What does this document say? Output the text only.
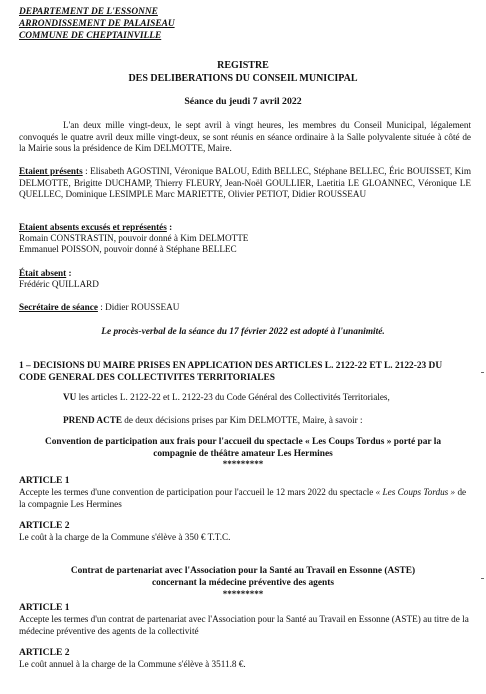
DEPARTEMENT DE L'ESSONNE
ARRONDISSEMENT DE PALAISEAU
COMMUNE DE CHEPTAINVILLE
REGISTRE
DES DELIBERATIONS DU CONSEIL MUNICIPAL
Séance du jeudi 7 avril 2022
L'an deux mille vingt-deux, le sept avril à vingt heures, les membres du Conseil Municipal, légalement convoqués le quatre avril deux mille vingt-deux, se sont réunis en séance ordinaire à la Salle polyvalente située à côté de la Mairie sous la présidence de Kim DELMOTTE, Maire.
Etaient présents : Elisabeth AGOSTINI, Véronique BALOU, Edith BELLEC, Stéphane BELLEC, Éric BOUISSET, Kim DELMOTTE, Brigitte DUCHAMP, Thierry FLEURY, Jean-Noël GOULLIER, Laetitia LE GLOANNEC, Véronique LE QUELLEC, Dominique LESIMPLE Marc MARIETTE, Olivier PETIOT, Didier ROUSSEAU
Etaient absents excusés et représentés :
Romain CONSTRASTIN, pouvoir donné à Kim DELMOTTE
Emmanuel POISSON, pouvoir donné à Stéphane BELLEC
Était absent :
Frédéric QUILLARD
Secrétaire de séance : Didier ROUSSEAU
Le procès-verbal de la séance du 17 février 2022 est adopté à l'unanimité.
1 – DECISIONS DU MAIRE PRISES EN APPLICATION DES ARTICLES L. 2122-22 ET L. 2122-23 DU CODE GENERAL DES COLLECTIVITES TERRITORIALES
VU les articles L. 2122-22 et L. 2122-23 du Code Général des Collectivités Territoriales,
PREND ACTE de deux décisions prises par Kim DELMOTTE, Maire, à savoir :
Convention de participation aux frais pour l'accueil du spectacle « Les Coups Tordus » porté par la
compagnie de théâtre amateur Les Hermines
*********
ARTICLE 1
Accepte les termes d'une convention de participation pour l'accueil le 12 mars 2022 du spectacle « Les Coups Tordus » de la compagnie Les Hermines
ARTICLE 2
Le coût à la charge de la Commune s'élève à 350 € T.T.C.
Contrat de partenariat avec l'Association pour la Santé au Travail en Essonne (ASTE)
concernant la médecine préventive des agents
*********
ARTICLE 1
Accepte les termes d'un contrat de partenariat avec l'Association pour la Santé au Travail en Essonne (ASTE) au titre de la médecine préventive des agents de la collectivité
ARTICLE 2
Le coût annuel à la charge de la Commune s'élève à 3511.8 €.
